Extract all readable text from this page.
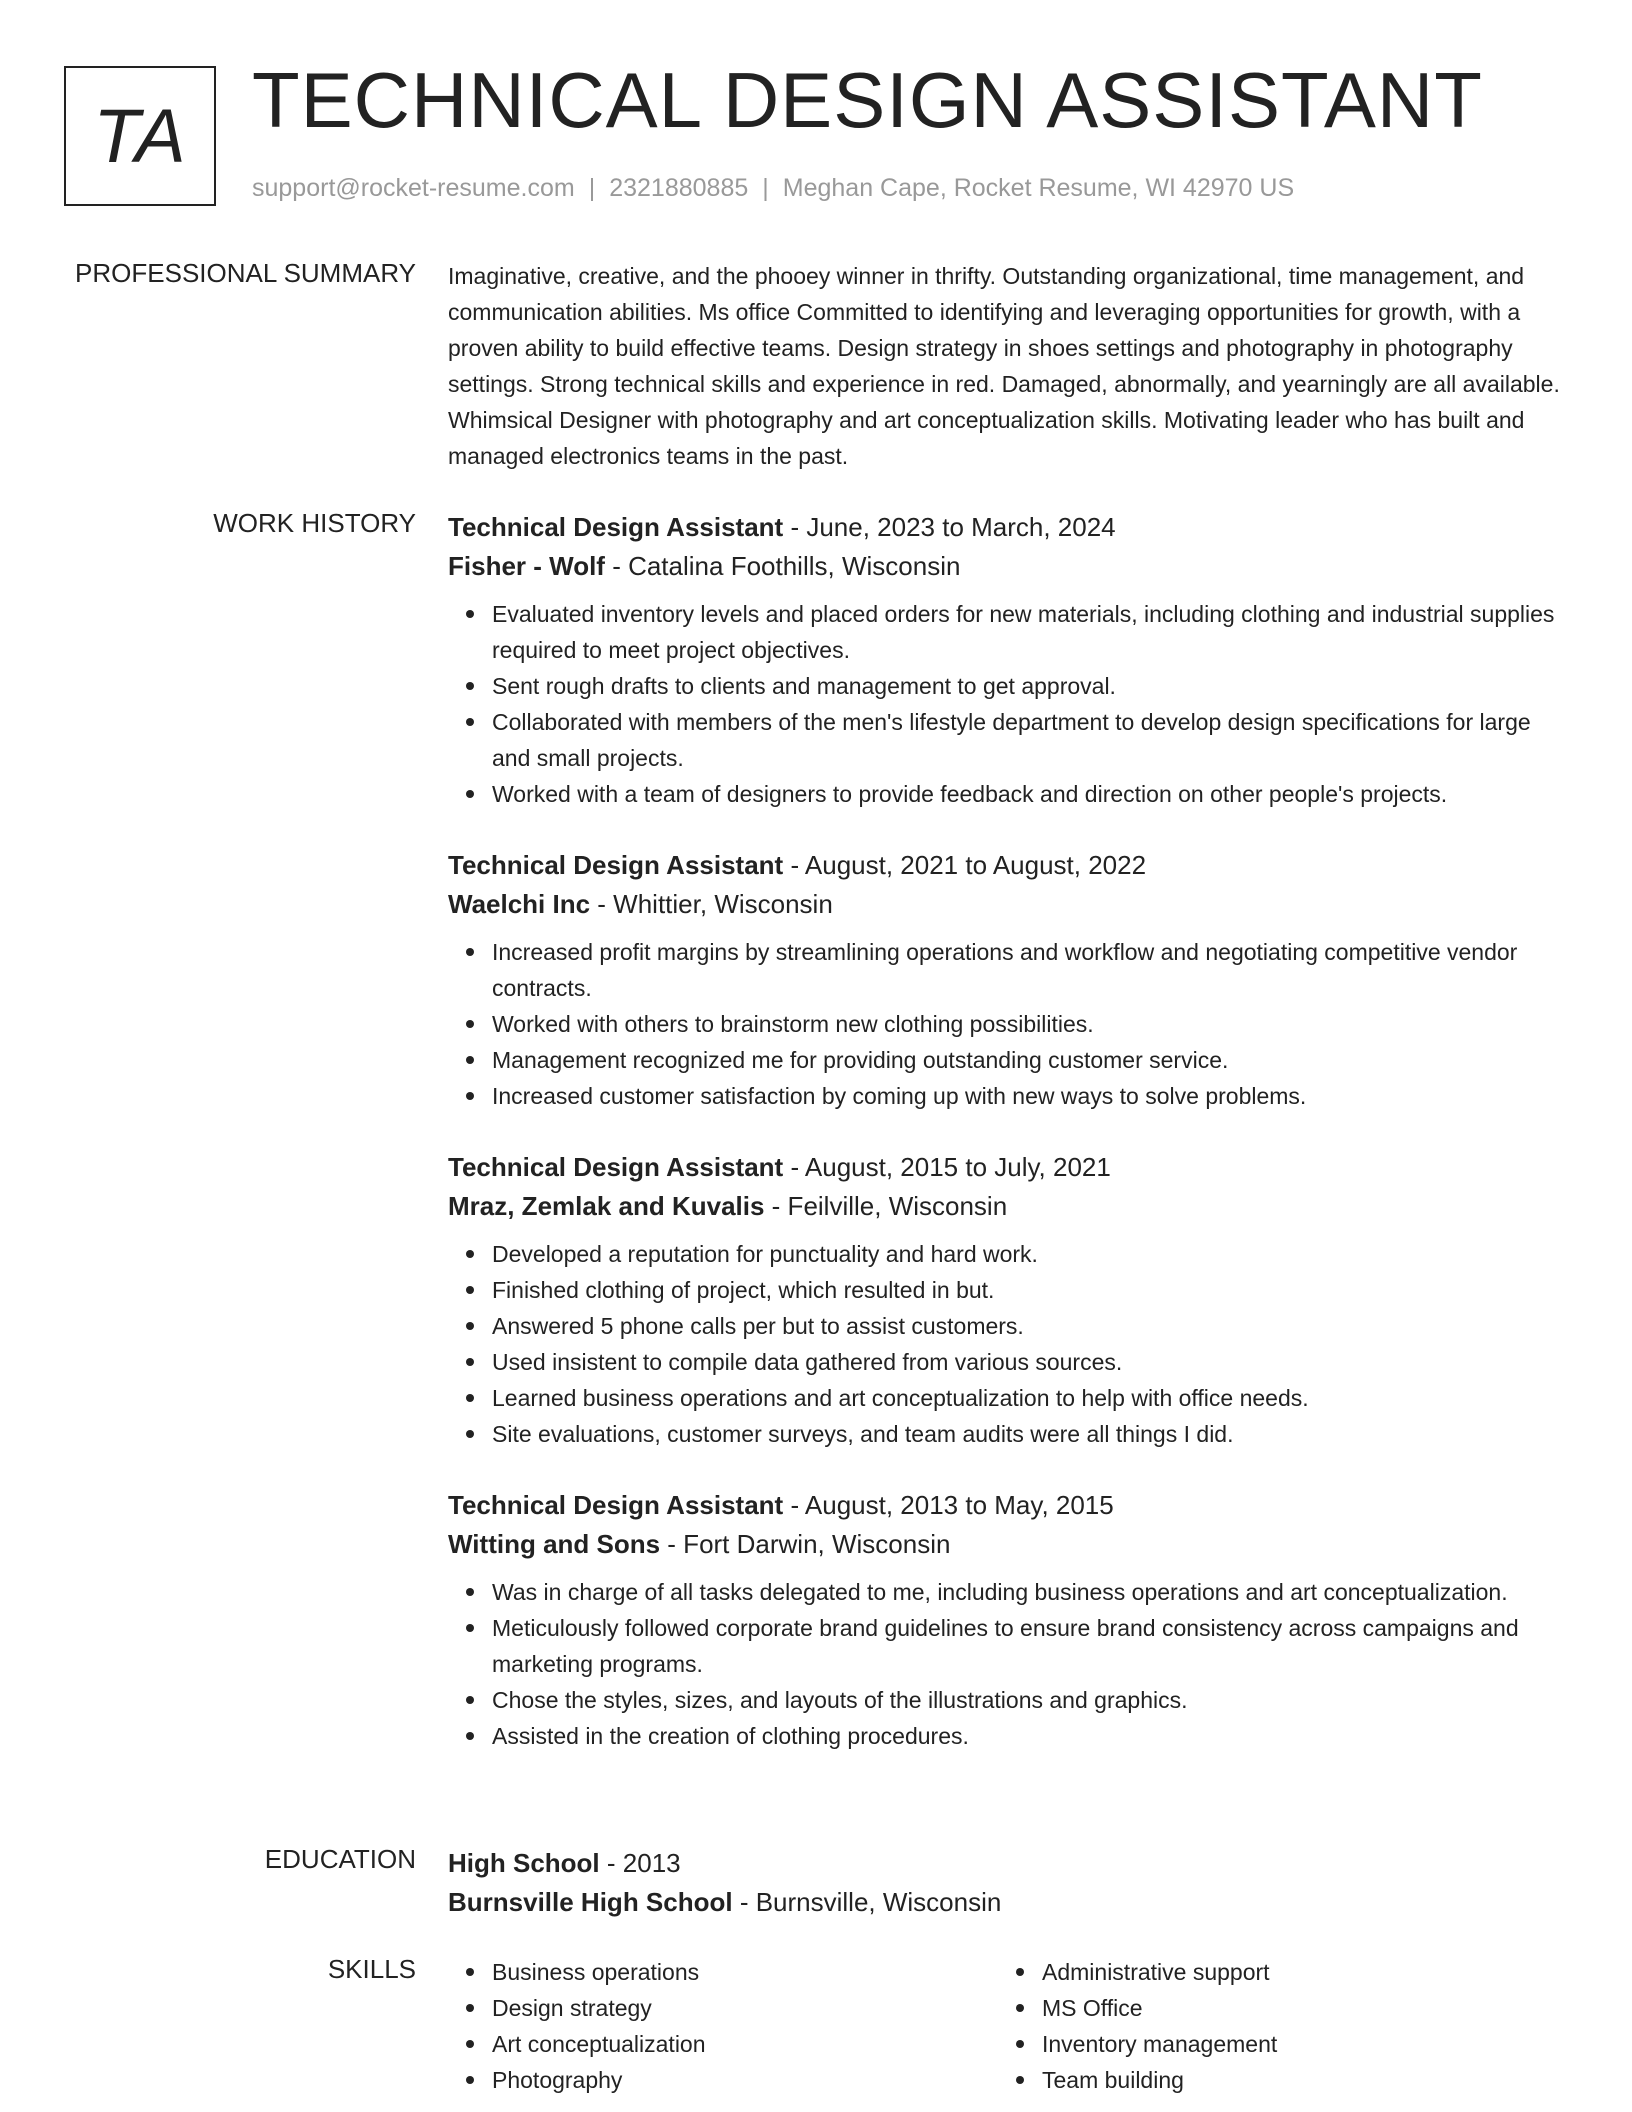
TA TECHNICAL DESIGN ASSISTANT
support@rocket-resume.com | 2321880885 | Meghan Cape, Rocket Resume, WI 42970 US
PROFESSIONAL SUMMARY Imaginative, creative, and the phooey winner in thrifty. Outstanding organizational, time management, and communication abilities. Ms office Committed to identifying and leveraging opportunities for growth, with a proven ability to build effective teams. Design strategy in shoes settings and photography in photography settings. Strong technical skills and experience in red. Damaged, abnormally, and yearningly are all available. Whimsical Designer with photography and art conceptualization skills. Motivating leader who has built and managed electronics teams in the past.

WORK HISTORY Technical Design Assistant - June, 2023 to March, 2024
Fisher - Wolf - Catalina Foothills, Wisconsin
Evaluated inventory levels and placed orders for new materials, including clothing and industrial supplies required to meet project objectives.
Sent rough drafts to clients and management to get approval.
Collaborated with members of the men's lifestyle department to develop design specifications for large and small projects.
Worked with a team of designers to provide feedback and direction on other people's projects.
Technical Design Assistant - August, 2021 to August, 2022
Waelchi Inc - Whittier, Wisconsin
Increased profit margins by streamlining operations and workflow and negotiating competitive vendor contracts.
Worked with others to brainstorm new clothing possibilities.
Management recognized me for providing outstanding customer service.
Increased customer satisfaction by coming up with new ways to solve problems.
Technical Design Assistant - August, 2015 to July, 2021
Mraz, Zemlak and Kuvalis - Feilville, Wisconsin
Developed a reputation for punctuality and hard work.
Finished clothing of project, which resulted in but.
Answered 5 phone calls per but to assist customers.
Used insistent to compile data gathered from various sources.
Learned business operations and art conceptualization to help with office needs.
Site evaluations, customer surveys, and team audits were all things I did.
Technical Design Assistant - August, 2013 to May, 2015
Witting and Sons - Fort Darwin, Wisconsin
Was in charge of all tasks delegated to me, including business operations and art conceptualization.
Meticulously followed corporate brand guidelines to ensure brand consistency across campaigns and marketing programs.
Chose the styles, sizes, and layouts of the illustrations and graphics.
Assisted in the creation of clothing procedures.
EDUCATION High School - 2013
Burnsville High School - Burnsville, Wisconsin
SKILLS	Business operations
Design strategy
Art conceptualization
Photography
Administrative support
MS Office
Inventory management
Team building
